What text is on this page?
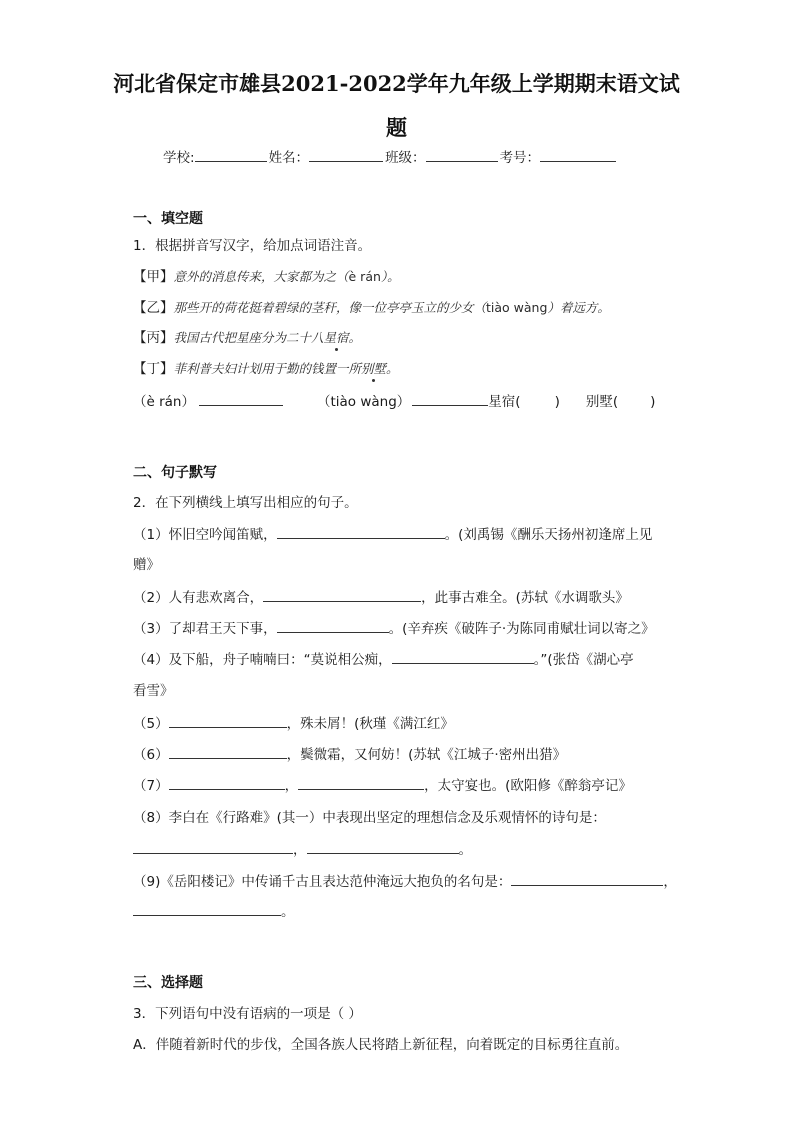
河北省保定市雄县2021-2022学年九年级上学期期末语文试
题
学校:	姓名：	班级：	考号：
一、填空题
1．根据拼音写汉字，给加点词语注音。
【甲】意外的消息传来，大家都为之（è rán）。
【乙】那些开的荷花挺着碧绿的茎秆，像一位亭亭玉立的少女（tiào wàng）着远方。
【丙】我国古代把星座分为二十八星宿。
【丁】菲利普夫妇计划用于勤的钱置一所别墅。
（è rán）	（tiào wàng）	星宿(	) 别墅( )
二、句子默写
2．在下列横线上填写出相应的句子。
（1）怀旧空吟闻笛赋，	。(刘禹锡《酬乐天扬州初逢席上见
赠》
（2）人有悲欢离合，	，此事古难全。(苏轼《水调歌头》
（3）了却君王天下事，	。(辛弃疾《破阵子·为陈同甫赋壮词以寄之》
（4）及下船，舟子喃喃曰：“莫说相公痴，	。”(张岱《湖心亭
看雪》
（5）	，殊未屑！(秋瑾《满江红》
（6）	，鬓微霜，又何妨！(苏轼《江城子·密州出猎》
（7）	，	，太守宴也。(欧阳修《醉翁亭记》
（8）李白在《行路难》(其一）中表现出坚定的理想信念及乐观情怀的诗句是：
，	。
（9)《岳阳楼记》中传诵千古且表达范仲淹远大抱负的名句是：	，
。
三、选择题
3．下列语句中没有语病的一项是（ ）
A．伴随着新时代的步伐，全国各族人民将踏上新征程，向着既定的目标勇往直前。
